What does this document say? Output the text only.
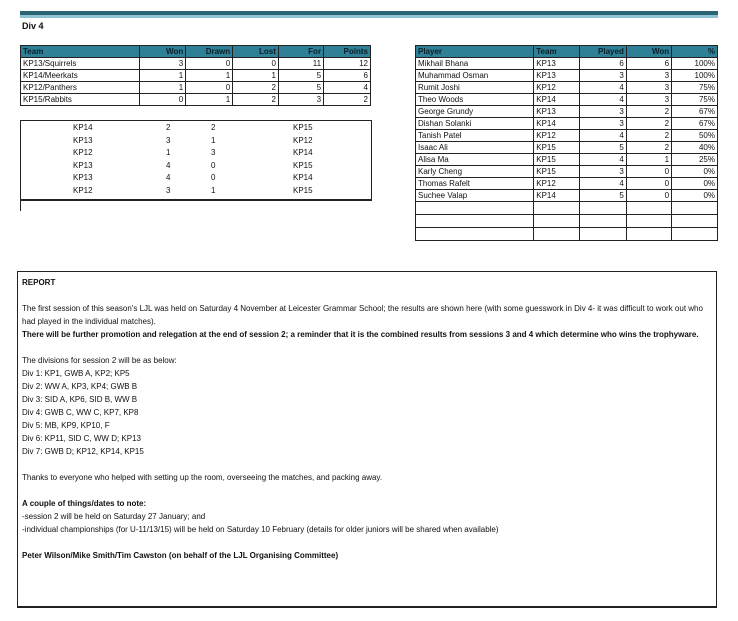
Div 4
Team	Won	Drawn	Lost	For	Points
KP13/Squirrels	3	0	0	11	12
KP14/Meerkats	1	1	1	5	6
KP12/Panthers	1	0	2	5	4
KP15/Rabbits	0	1	2	3	2
KP14	2	2	KP15
KP13	3	1	KP12
KP12	1	3	KP14
KP13	4	0	KP15
KP13	4	0	KP14
KP12	3	1	KP15
Player	Team	Played	Won	%
Mikhail Bhana	KP13	6	6	100%
Muhammad Osman	KP13	3	3	100%
Rumit Joshi	KP12	4	3	75%
Theo Woods	KP14	4	3	75%
George Grundy	KP13	3	2	67%
Dishan Solanki	KP14	3	2	67%
Tanish Patel	KP12	4	2	50%
Isaac Ali	KP15	5	2	40%
Alisa Ma	KP15	4	1	25%
Karly Cheng	KP15	3	0	0%
Thomas Rafelt	KP12	4	0	0%
Suchee Valap	KP14	5	0	0%

REPORT

The first session of this season's LJL was held on Saturday 4 November at Leicester Grammar School; the results are shown here (with some guesswork in Div 4- it was difficult to work out who had played in the individual matches).

There will be further promotion and relegation at the end of session 2; a reminder that it is the combined results from sessions 3 and 4 which determine who wins the trophyware.

The divisions for session 2 will be as below:

Div 1: KP1, GWB A, KP2; KP5

Div 2: WW A, KP3, KP4; GWB B

Div 3: SID A, KP6, SID B, WW B

Div 4: GWB C, WW C, KP7, KP8

Div 5: MB, KP9, KP10, F

Div 6: KP11, SID C, WW D; KP13

Div 7: GWB D; KP12, KP14, KP15

Thanks to everyone who helped with setting up the room, overseeing the matches, and packing away.

A couple of things/dates to note:

-session 2 will be held on Saturday 27 January; and

-individual championships (for U-11/13/15) will be held on Saturday 10 February (details for older juniors will be shared when available)

Peter Wilson/Mike Smith/Tim Cawston (on behalf of the LJL Organising Committee)
